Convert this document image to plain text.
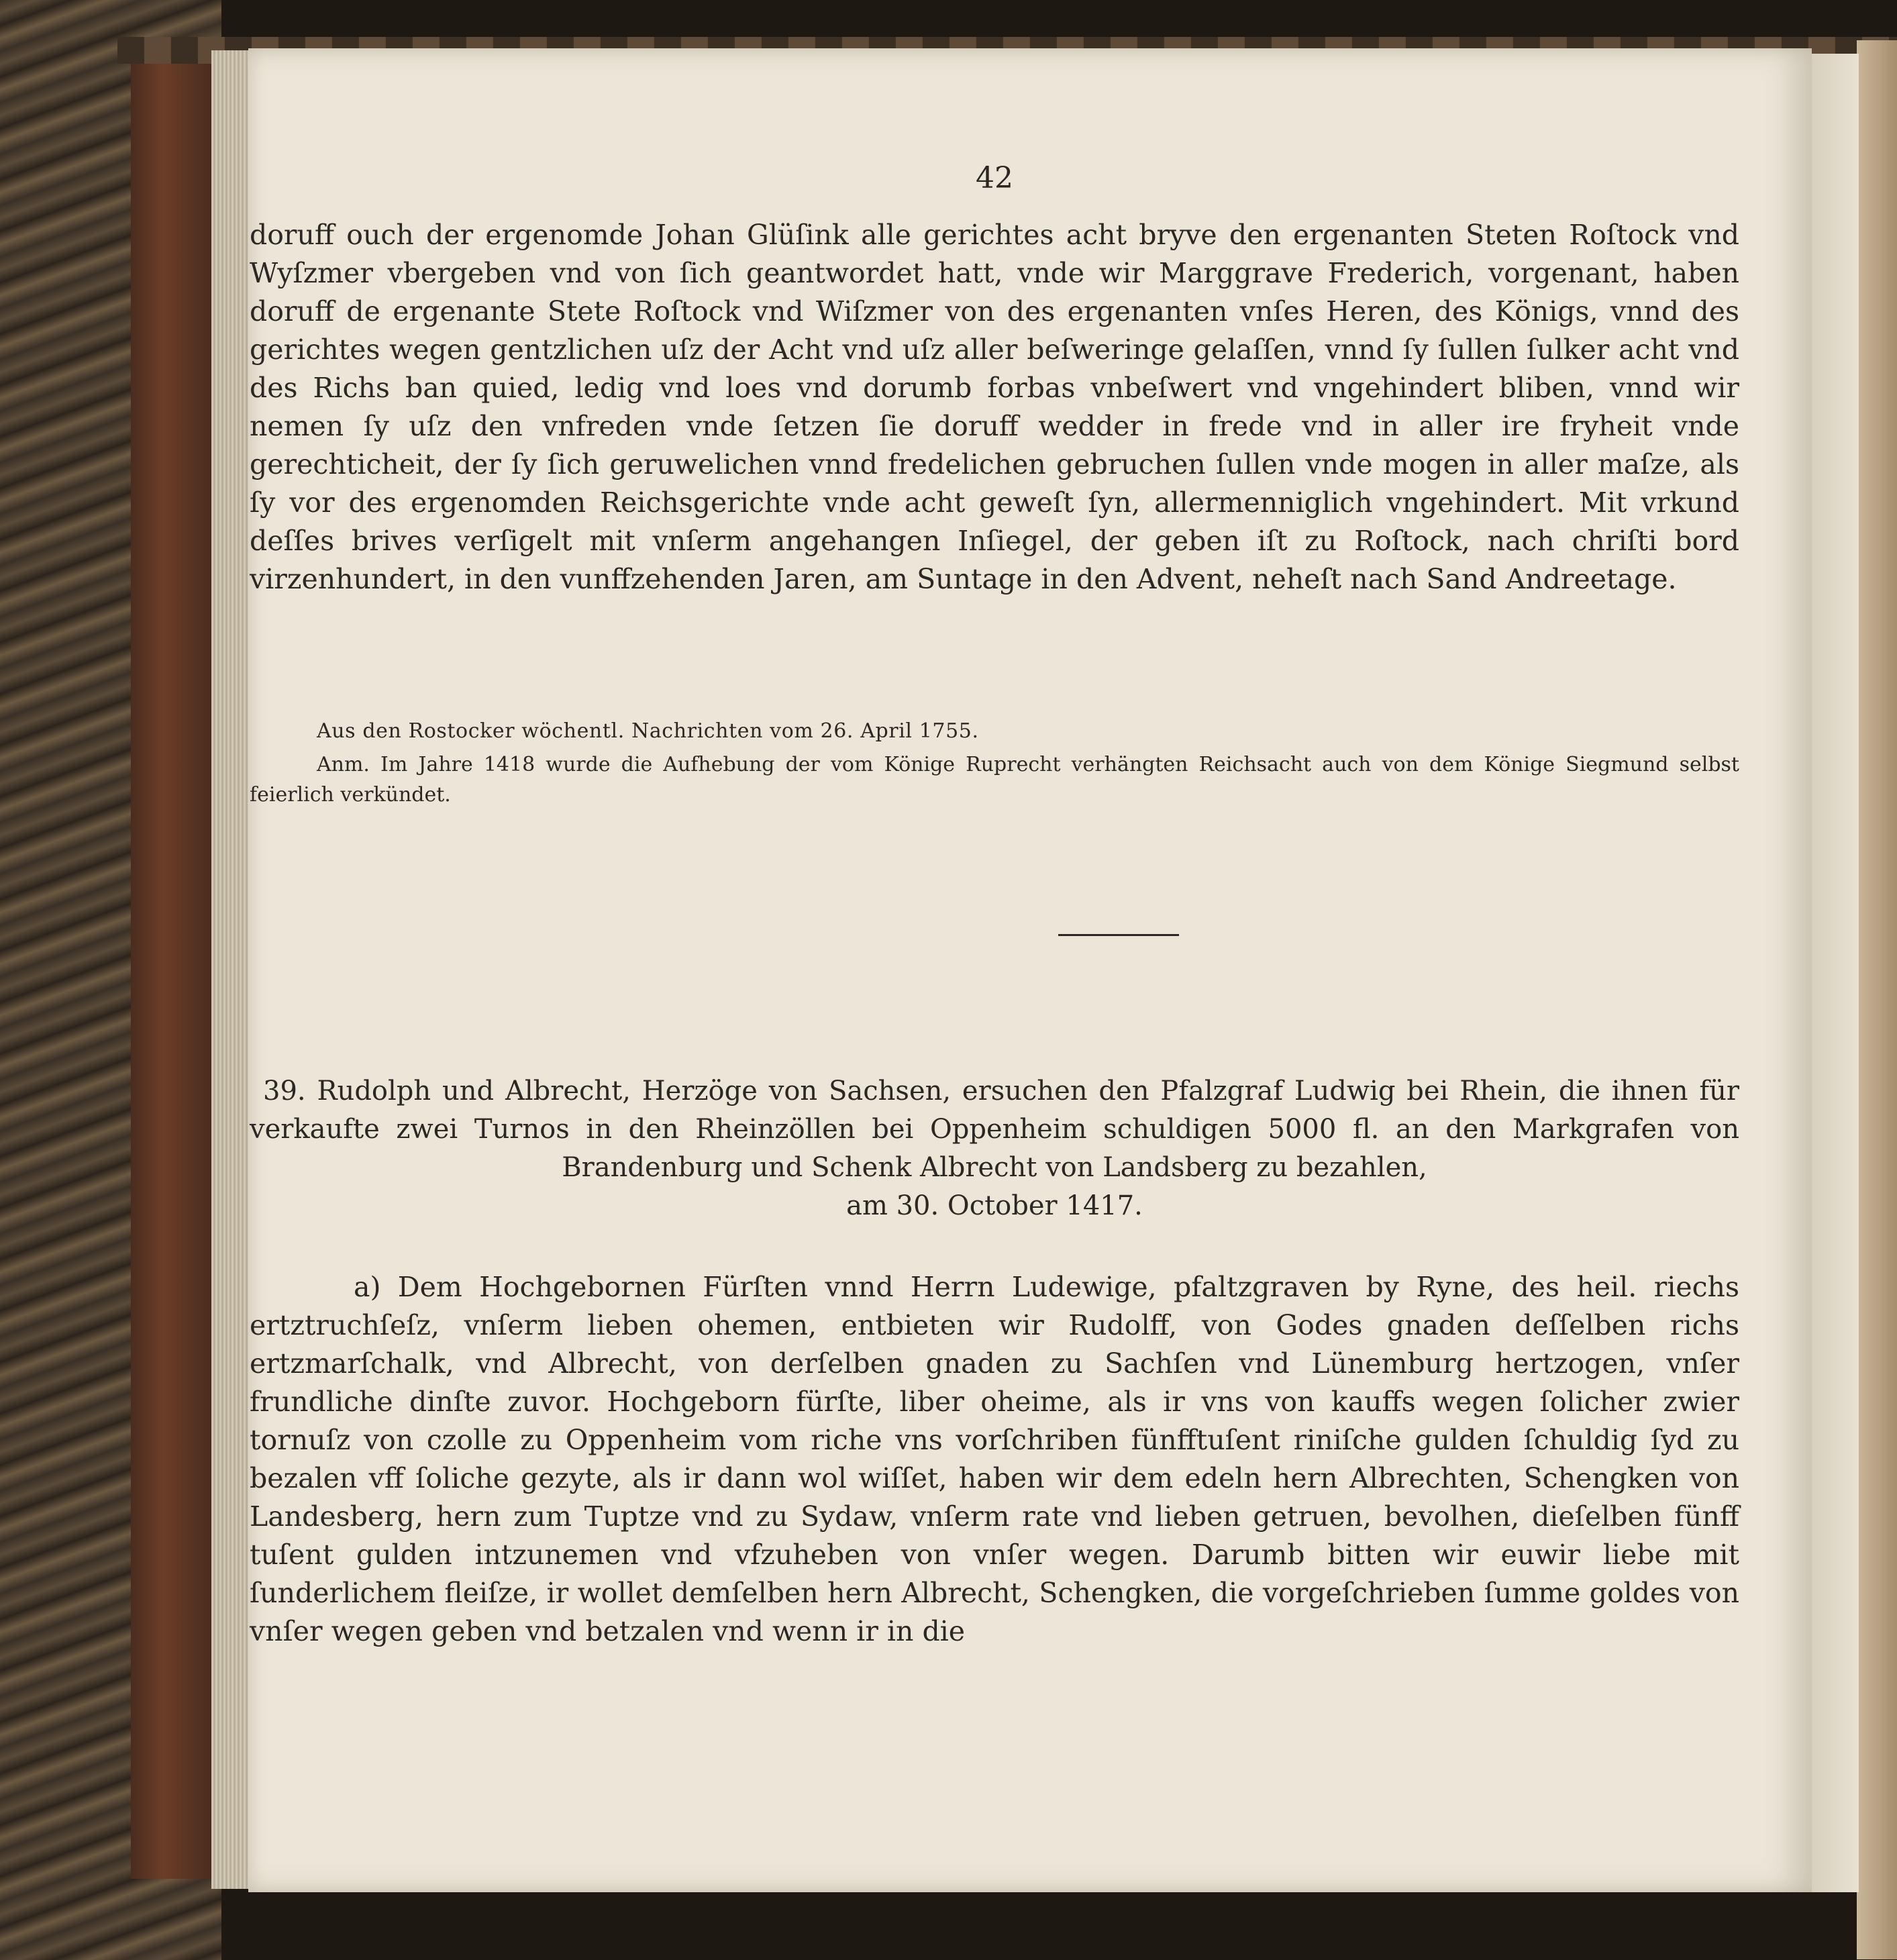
42

doruff ouch der ergenomde Johan Glüſink alle gerichtes acht bryve den ergenanten Steten Roſtock vnd Wyſzmer vbergeben vnd von ſich geantwordet hatt, vnde wir Marggrave Frederich, vorgenant, haben doruff de ergenante Stete Roſtock vnd Wiſzmer von des ergenanten vnſes Heren, des Königs, vnnd des gerichtes wegen gentzlichen uſz der Acht vnd uſz aller beſweringe gelaſſen, vnnd ſy ſullen ſulker acht vnd des Richs ban quied, ledig vnd loes vnd dorumb forbas vnbeſwert vnd vngehindert bliben, vnnd wir nemen ſy uſz den vnfreden vnde ſetzen ſie doruff wedder in frede vnd in aller ire fryheit vnde gerechticheit, der ſy ſich geruwelichen vnnd fredelichen gebruchen ſullen vnde mogen in aller maſze, als ſy vor des ergenomden Reichsgerichte vnde acht geweſt ſyn, allermenniglich vngehindert. Mit vrkund deſſes brives verſigelt mit vnſerm angehangen Inſiegel, der geben iſt zu Roſtock, nach chriſti bord virzenhundert, in den vunffzehenden Jaren, am Suntage in den Advent, neheſt nach Sand Andreetage.

Aus den Rostocker wöchentl. Nachrichten vom 26. April 1755.

Anm. Im Jahre 1418 wurde die Aufhebung der vom Könige Ruprecht verhängten Reichsacht auch von dem Könige Siegmund selbst feierlich verkündet.

39. Rudolph und Albrecht, Herzöge von Sachsen, ersuchen den Pfalzgraf Ludwig bei Rhein, die ihnen für verkaufte zwei Turnos in den Rheinzöllen bei Oppenheim schuldigen 5000 fl. an den Markgrafen von Brandenburg und Schenk Albrecht von Landsberg zu bezahlen,
am 30. October 1417.

a) Dem Hochgebornen Fürſten vnnd Herrn Ludewige, pfaltzgraven by Ryne, des heil. riechs ertztruchſeſz, vnſerm lieben ohemen, entbieten wir Rudolff, von Godes gnaden deſſelben richs ertzmarſchalk, vnd Albrecht, von derſelben gnaden zu Sachſen vnd Lünemburg hertzogen, vnſer frundliche dinſte zuvor. Hochgeborn fürſte, liber oheime, als ir vns von kauffs wegen ſolicher zwier tornuſz von czolle zu Oppenheim vom riche vns vorſchriben fünfftuſent riniſche gulden ſchuldig ſyd zu bezalen vff ſoliche gezyte, als ir dann wol wiſſet, haben wir dem edeln hern Albrechten, Schengken von Landesberg, hern zum Tuptze vnd zu Sydaw, vnſerm rate vnd lieben getruen, bevolhen, dieſelben fünff tuſent gulden intzunemen vnd vfzuheben von vnſer wegen. Darumb bitten wir euwir liebe mit ſunderlichem fleiſze, ir wollet demſelben hern Albrecht, Schengken, die vorgeſchrieben ſumme goldes von vnſer wegen geben vnd betzalen vnd wenn ir in die
